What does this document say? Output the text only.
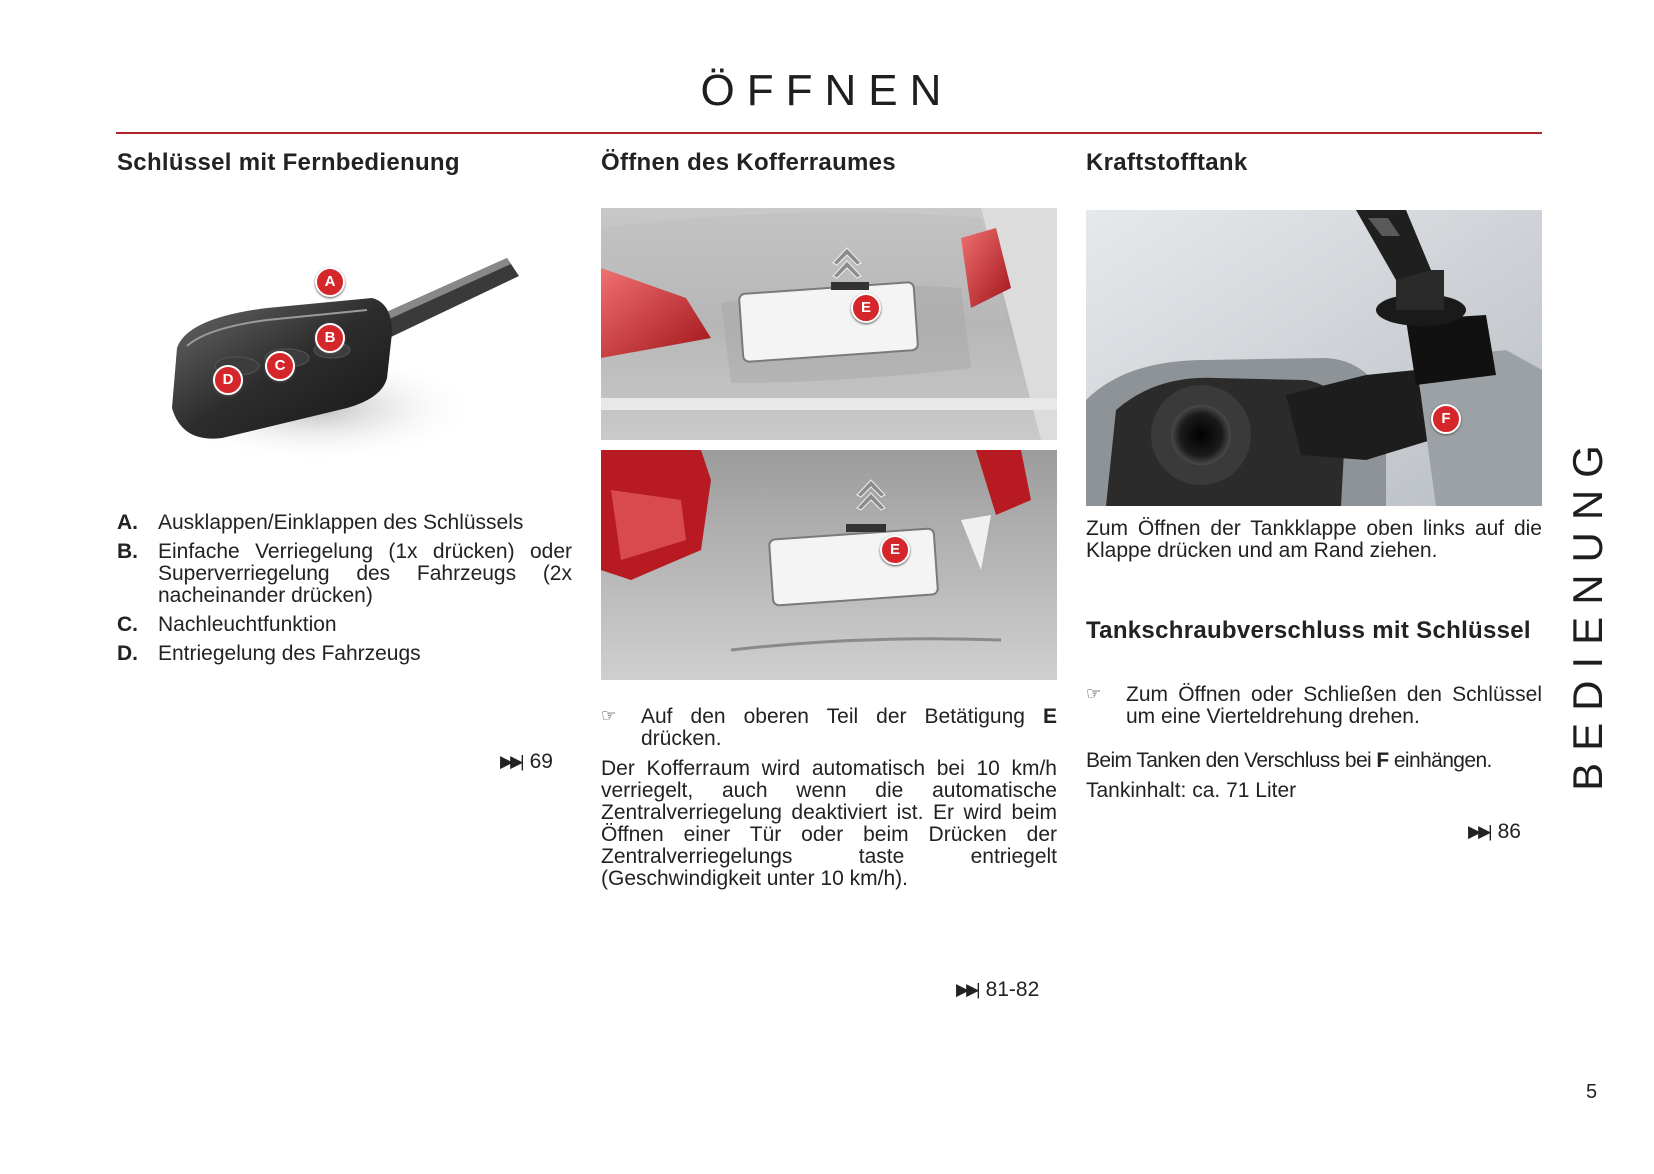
ÖFFNEN
BEDIENUNG
Schlüssel mit Fernbedienung
A
B
C
D
A. Ausklappen/Einklappen des Schlüssels
B. Einfache Verriegelung (1x drücken) oder Superverriegelung des Fahrzeugs (2x nacheinander drücken)
C. Nachleuchtfunktion
D. Entriegelung des Fahrzeugs
▶▶| 69
Öffnen des Kofferraumes
E
E
☞	Auf den oberen Teil der Betätigung E drücken.

Der Kofferraum wird automatisch bei 10 km/h verriegelt, auch wenn die automatische Zentralverriegelung deaktiviert ist. Er wird beim Öffnen einer Tür oder beim Drücken der Zentralverriegelungs taste entriegelt (Geschwindigkeit unter 10 km/h).

▶▶| 81-82
Kraftstofftank
F

Zum Öffnen der Tankklappe oben links auf die Klappe drücken und am Rand ziehen.

Tankschraubverschluss mit Schlüssel
☞	Zum Öffnen oder Schließen den Schlüssel um eine Vierteldrehung drehen.

Beim Tanken den Verschluss bei F einhängen.

Tankinhalt: ca. 71 Liter

▶▶| 86
5
